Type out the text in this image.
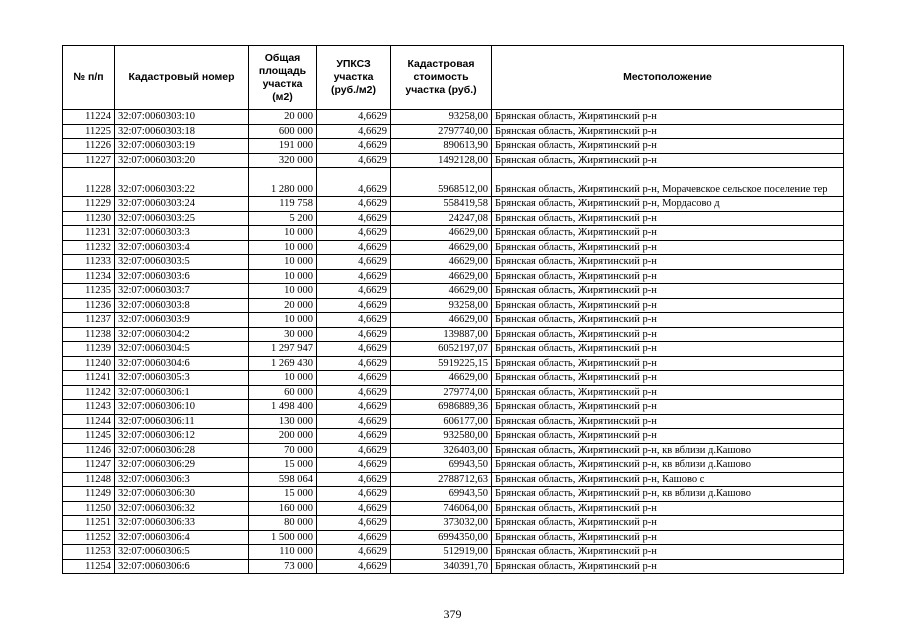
№ п/п	Кадастровый номер	Общая площадь участка (м2)	УПКСЗ участка (руб./м2)	Кадастровая стоимость участка (руб.)	Местоположение
11224	32:07:0060303:10	20 000	4,6629	93258,00	Брянская область, Жирятинский р-н
11225	32:07:0060303:18	600 000	4,6629	2797740,00	Брянская область, Жирятинский р-н
11226	32:07:0060303:19	191 000	4,6629	890613,90	Брянская область, Жирятинский р-н
11227	32:07:0060303:20	320 000	4,6629	1492128,00	Брянская область, Жирятинский р-н
11228	32:07:0060303:22	1 280 000	4,6629	5968512,00	Брянская область, Жирятинский р-н, Морачевское сельское поселение тер
11229	32:07:0060303:24	119 758	4,6629	558419,58	Брянская область, Жирятинский р-н, Мордасово д
11230	32:07:0060303:25	5 200	4,6629	24247,08	Брянская область, Жирятинский р-н
11231	32:07:0060303:3	10 000	4,6629	46629,00	Брянская область, Жирятинский р-н
11232	32:07:0060303:4	10 000	4,6629	46629,00	Брянская область, Жирятинский р-н
11233	32:07:0060303:5	10 000	4,6629	46629,00	Брянская область, Жирятинский р-н
11234	32:07:0060303:6	10 000	4,6629	46629,00	Брянская область, Жирятинский р-н
11235	32:07:0060303:7	10 000	4,6629	46629,00	Брянская область, Жирятинский р-н
11236	32:07:0060303:8	20 000	4,6629	93258,00	Брянская область, Жирятинский р-н
11237	32:07:0060303:9	10 000	4,6629	46629,00	Брянская область, Жирятинский р-н
11238	32:07:0060304:2	30 000	4,6629	139887,00	Брянская область, Жирятинский р-н
11239	32:07:0060304:5	1 297 947	4,6629	6052197,07	Брянская область, Жирятинский р-н
11240	32:07:0060304:6	1 269 430	4,6629	5919225,15	Брянская область, Жирятинский р-н
11241	32:07:0060305:3	10 000	4,6629	46629,00	Брянская область, Жирятинский р-н
11242	32:07:0060306:1	60 000	4,6629	279774,00	Брянская область, Жирятинский р-н
11243	32:07:0060306:10	1 498 400	4,6629	6986889,36	Брянская область, Жирятинский р-н
11244	32:07:0060306:11	130 000	4,6629	606177,00	Брянская область, Жирятинский р-н
11245	32:07:0060306:12	200 000	4,6629	932580,00	Брянская область, Жирятинский р-н
11246	32:07:0060306:28	70 000	4,6629	326403,00	Брянская область, Жирятинский р-н, кв вблизи д.Кашово
11247	32:07:0060306:29	15 000	4,6629	69943,50	Брянская область, Жирятинский р-н, кв вблизи д.Кашово
11248	32:07:0060306:3	598 064	4,6629	2788712,63	Брянская область, Жирятинский р-н, Кашово с
11249	32:07:0060306:30	15 000	4,6629	69943,50	Брянская область, Жирятинский р-н, кв вблизи д.Кашово
11250	32:07:0060306:32	160 000	4,6629	746064,00	Брянская область, Жирятинский р-н
11251	32:07:0060306:33	80 000	4,6629	373032,00	Брянская область, Жирятинский р-н
11252	32:07:0060306:4	1 500 000	4,6629	6994350,00	Брянская область, Жирятинский р-н
11253	32:07:0060306:5	110 000	4,6629	512919,00	Брянская область, Жирятинский р-н
11254	32:07:0060306:6	73 000	4,6629	340391,70	Брянская область, Жирятинский р-н
379
